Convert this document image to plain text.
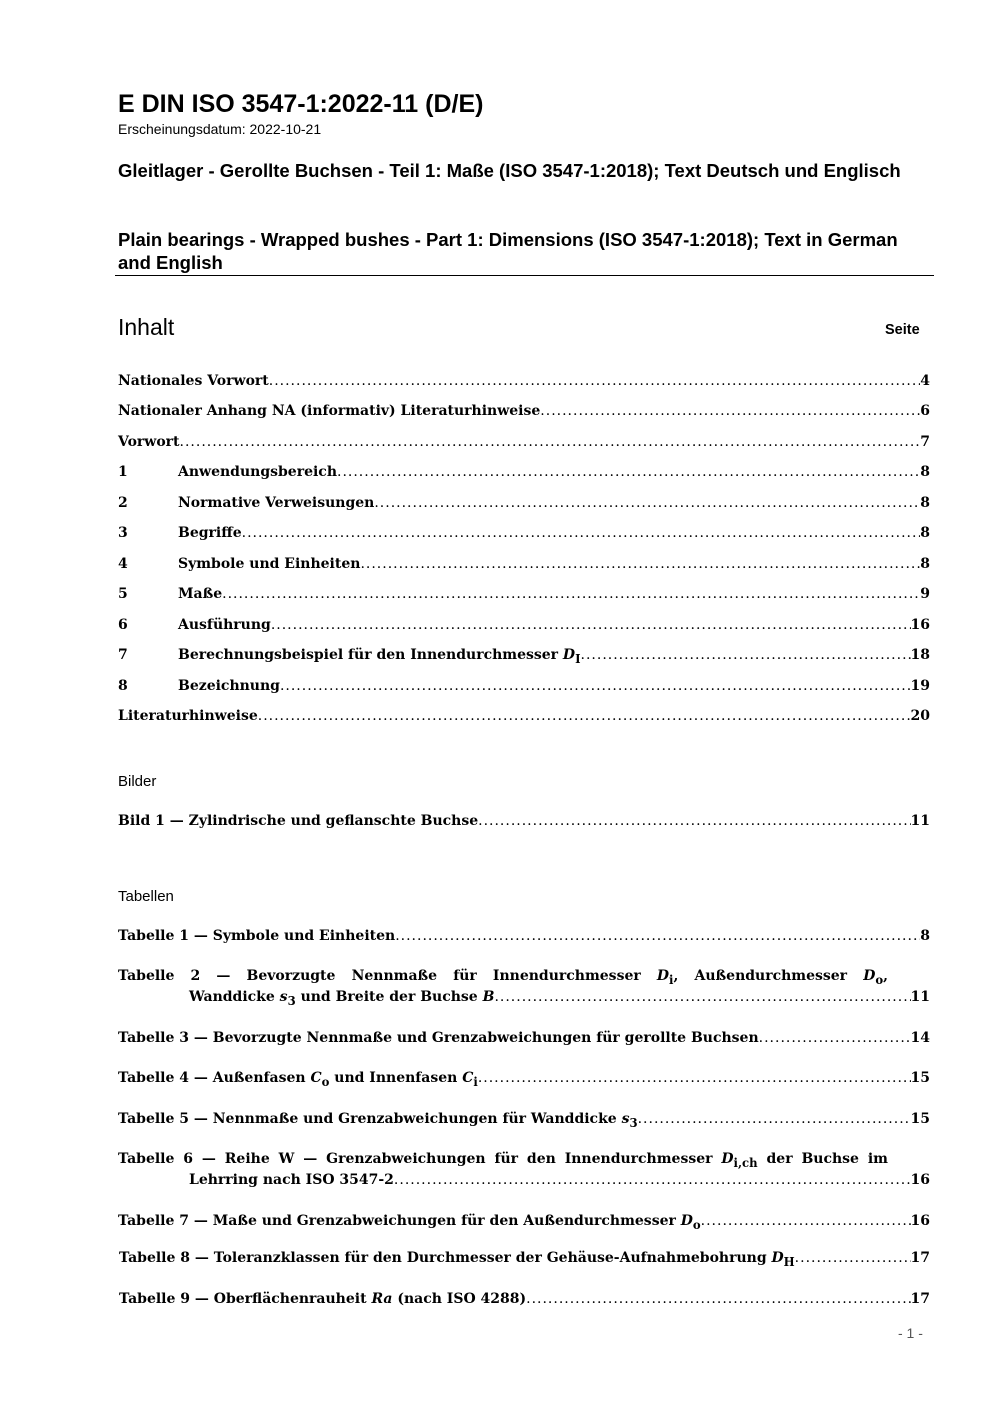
E DIN ISO 3547-1:2022-11 (D/E)
Erscheinungsdatum: 2022-10-21
Gleitlager - Gerollte Buchsen - Teil 1: Maße (ISO 3547-1:2018); Text Deutsch und Englisch
Plain bearings - Wrapped bushes - Part 1: Dimensions (ISO 3547-1:2018); Text in German and English
Inhalt	Seite
Nationales Vorwort .....	4
Nationaler Anhang NA (informativ) Literaturhinweise .....	6
Vorwort .....	7
1	Anwendungsbereich .....	8
2	Normative Verweisungen .....	8
3	Begriffe .....	8
4	Symbole und Einheiten .....	8
5	Maße .....	9
6	Ausführung .....	16
7	Berechnungsbeispiel für den Innendurchmesser $D_I$ .....	18
8	Bezeichnung .....	19
Literaturhinweise .....	20
Bilder
Bild 1 — Zylindrische und geflanschte Buchse .....	11
Tabellen
Tabelle 1 — Symbole und Einheiten .....	8
Tabelle 2 — Bevorzugte Nennmaße für Innendurchmesser $D_i$, Außendurchmesser $D_o$,
Wanddicke $s_3$ und Breite der Buchse B .....	11
Tabelle 3 — Bevorzugte Nennmaße und Grenzabweichungen für gerollte Buchsen .....	14
Tabelle 4 — Außenfasen $C_o$ und Innenfasen $C_i$ .....	15
Tabelle 5 — Nennmaße und Grenzabweichungen für Wanddicke $s_3$ .....	15
Tabelle 6 — Reihe W — Grenzabweichungen für den Innendurchmesser $D_{i,ch}$ der Buchse im
Lehrring nach ISO 3547-2 .....	16
Tabelle 7 — Maße und Grenzabweichungen für den Außendurchmesser $D_o$ .....	16
Tabelle 8 — Toleranzklassen für den Durchmesser der Gehäuse-Aufnahmebohrung $D_H$ .....	17
Tabelle 9 — Oberflächenrauheit Ra (nach ISO 4288) .....	17
- 1 -
